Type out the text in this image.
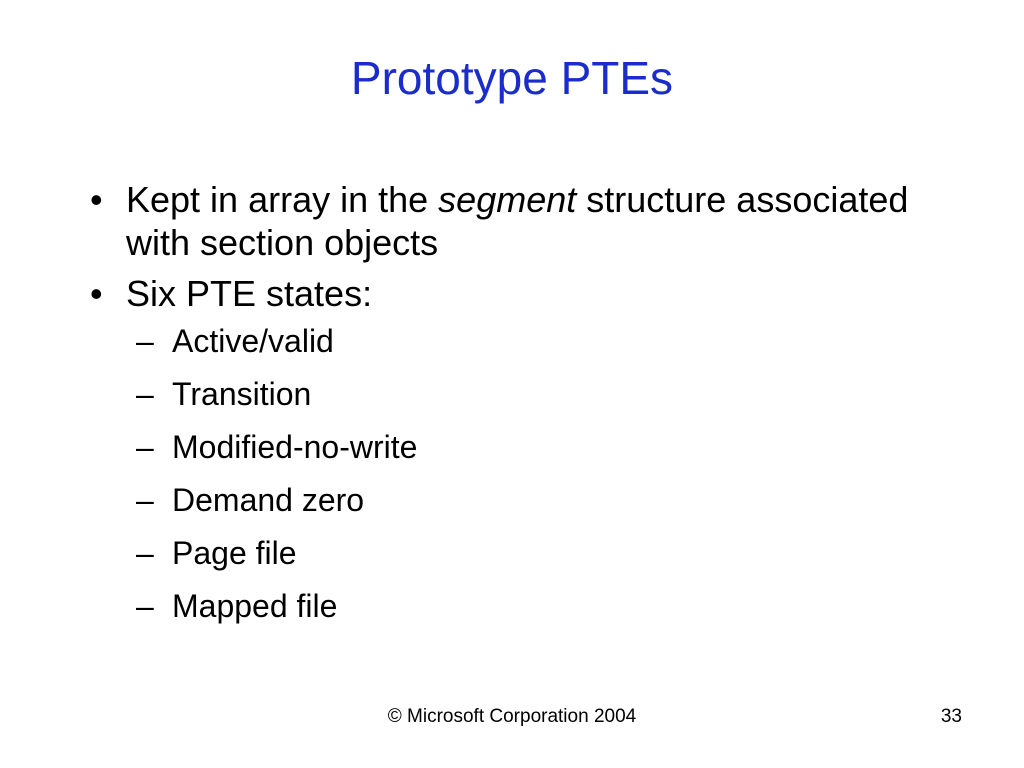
Prototype PTEs
• Kept in array in the segment structure associated with section objects
• Six PTE states:
– Active/valid
– Transition
– Modified-no-write
– Demand zero
– Page file
– Mapped file
© Microsoft Corporation 2004	33
